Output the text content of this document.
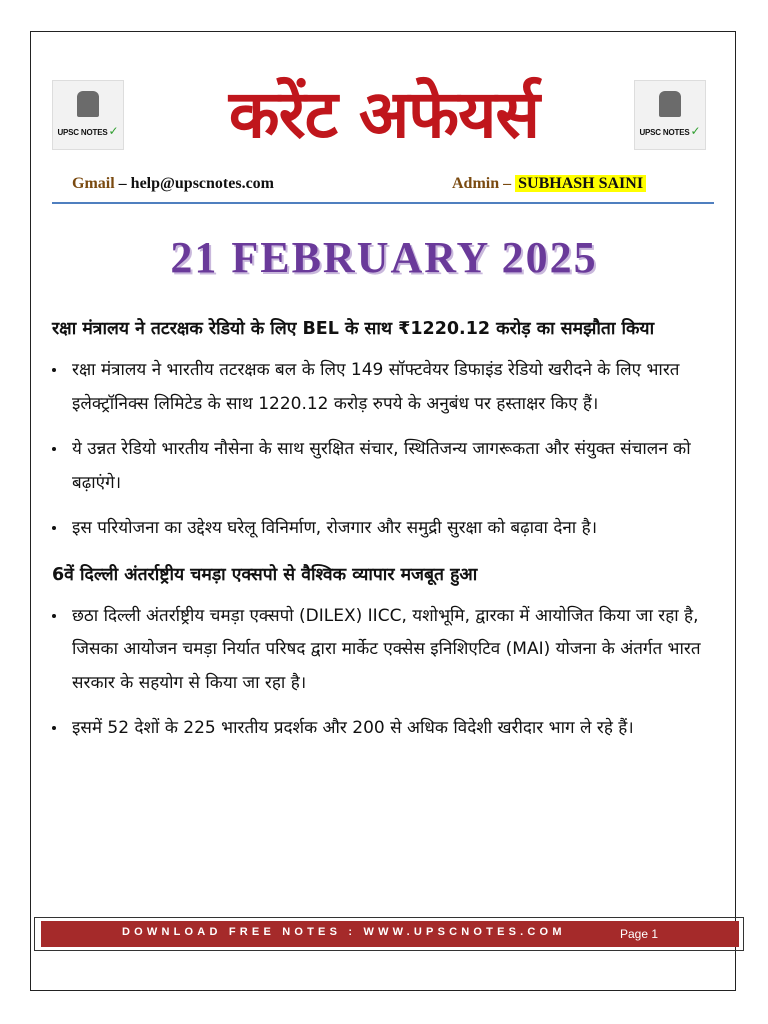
UPSC NOTES✓	UPSC NOTES✓
करेंट अफेयर्स
Gmail – help@upscnotes.com	Admin – SUBHASH SAINI
21 FEBRUARY 2025
रक्षा मंत्रालय ने तटरक्षक रेडियो के लिए BEL के साथ ₹1220.12 करोड़ का समझौता किया
रक्षा मंत्रालय ने भारतीय तटरक्षक बल के लिए 149 सॉफ्टवेयर डिफाइंड रेडियो खरीदने के लिए भारत इलेक्ट्रॉनिक्स लिमिटेड के साथ 1220.12 करोड़ रुपये के अनुबंध पर हस्ताक्षर किए हैं।
ये उन्नत रेडियो भारतीय नौसेना के साथ सुरक्षित संचार, स्थितिजन्य जागरूकता और संयुक्त संचालन को बढ़ाएंगे।
इस परियोजना का उद्देश्य घरेलू विनिर्माण, रोजगार और समुद्री सुरक्षा को बढ़ावा देना है।
6वें दिल्ली अंतर्राष्ट्रीय चमड़ा एक्सपो से वैश्विक व्यापार मजबूत हुआ
छठा दिल्ली अंतर्राष्ट्रीय चमड़ा एक्सपो (DILEX) IICC, यशोभूमि, द्वारका में आयोजित किया जा रहा है, जिसका आयोजन चमड़ा निर्यात परिषद द्वारा मार्केट एक्सेस इनिशिएटिव (MAI) योजना के अंतर्गत भारत सरकार के सहयोग से किया जा रहा है।
इसमें 52 देशों के 225 भारतीय प्रदर्शक और 200 से अधिक विदेशी खरीदार भाग ले रहे हैं।
DOWNLOAD FREE NOTES : WWW.UPSCNOTES.COM	Page 1
